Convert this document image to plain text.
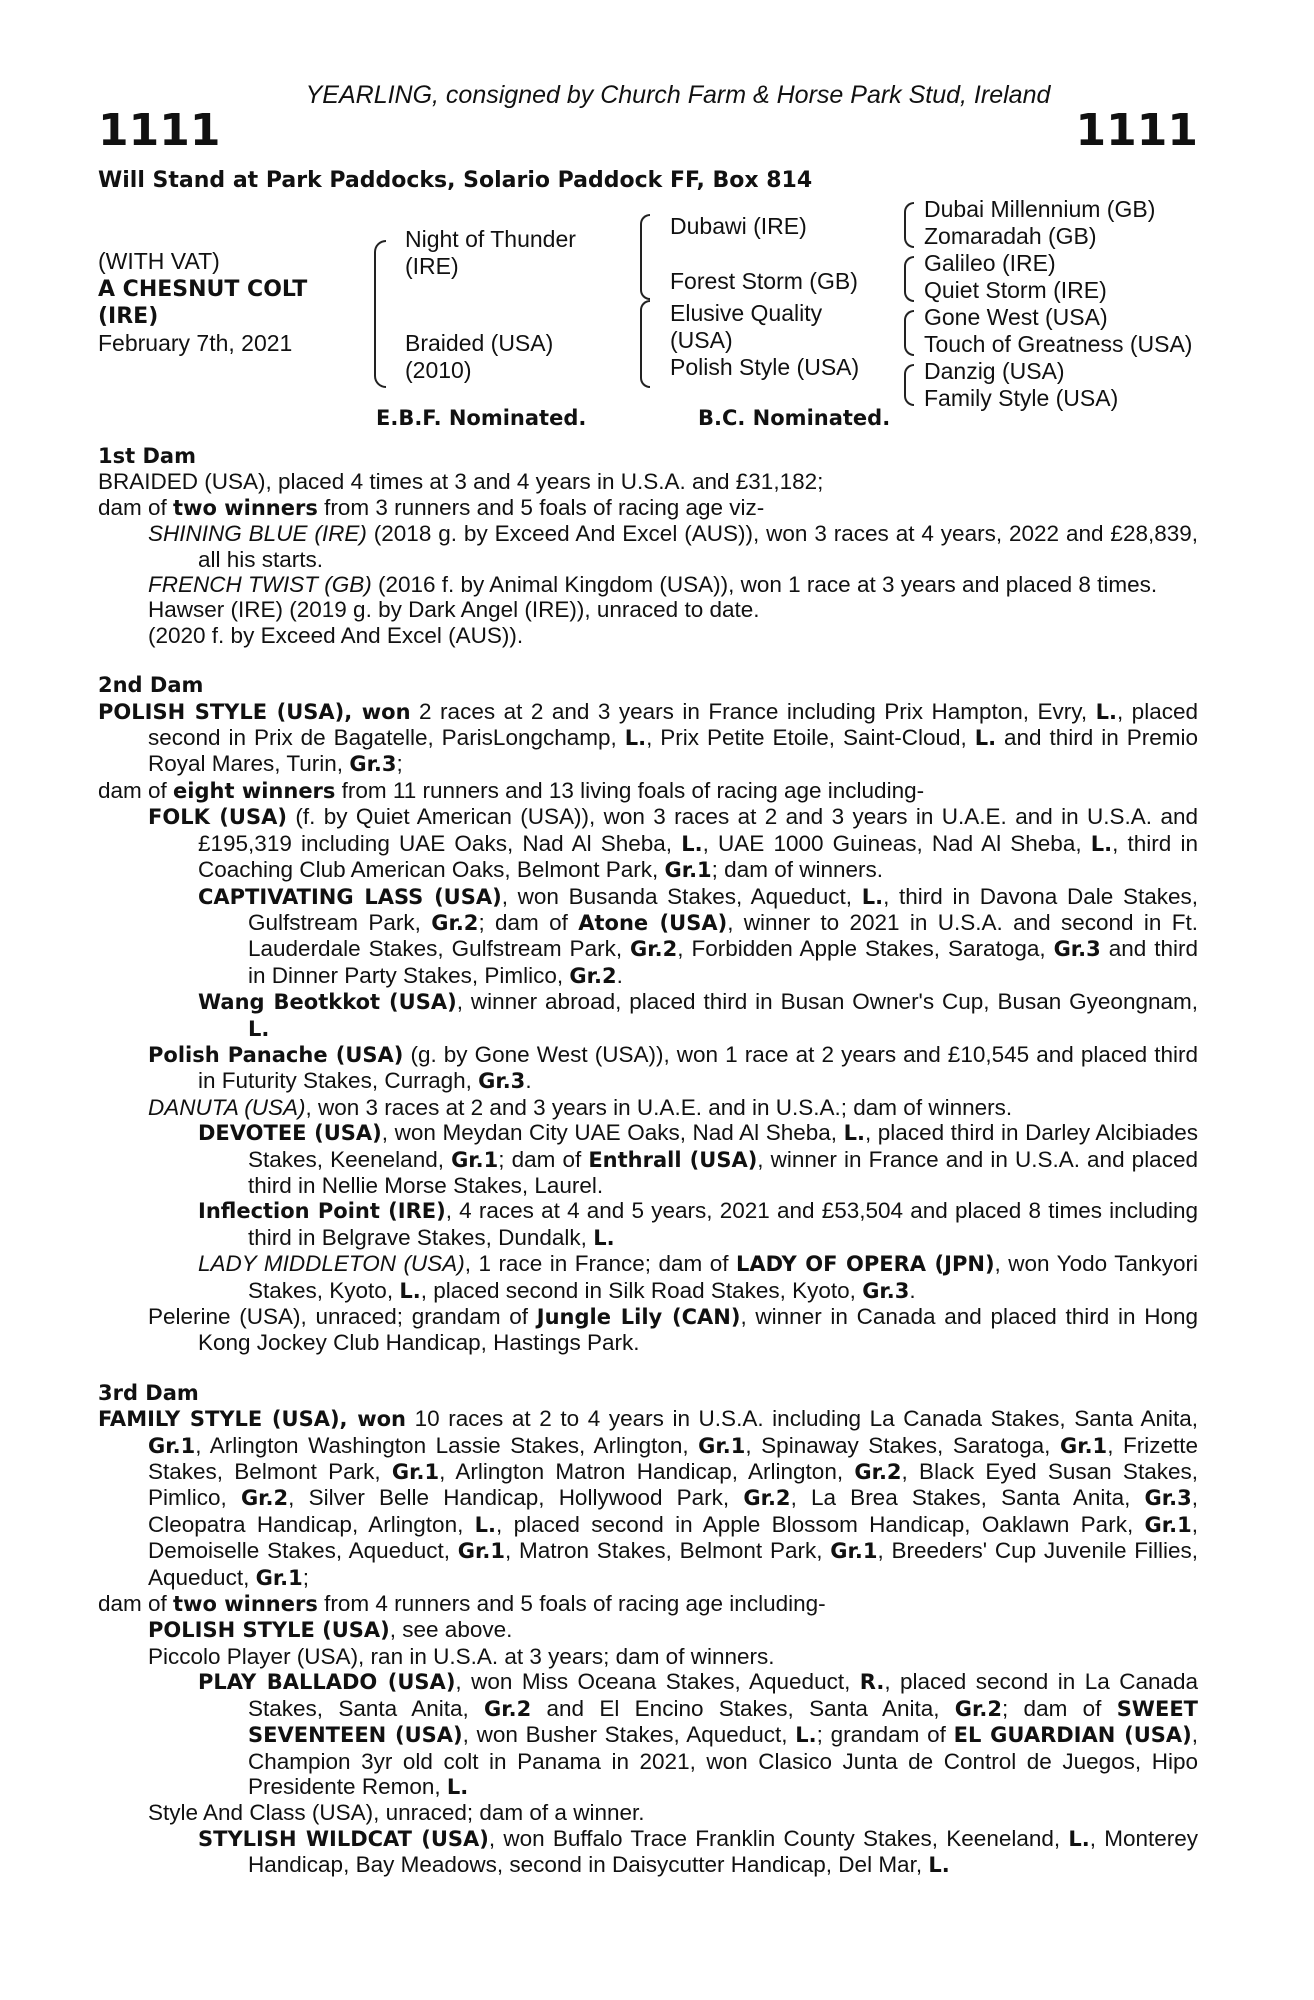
YEARLING, consigned by Church Farm & Horse Park Stud, Ireland
1111	1111
Will Stand at Park Paddocks, Solario Paddock FF, Box 814
(WITH VAT)
A CHESNUT COLT
(IRE)
February 7th, 2021
Night of Thunder
(IRE)
Braided (USA)
(2010)
Dubawi (IRE)
Forest Storm (GB)
Elusive Quality
(USA)
Polish Style (USA)
Dubai Millennium (GB)
Zomaradah (GB)
Galileo (IRE)
Quiet Storm (IRE)
Gone West (USA)
Touch of Greatness (USA)
Danzig (USA)
Family Style (USA)
E.B.F. Nominated.	B.C. Nominated.
1st Dam
BRAIDED (USA), placed 4 times at 3 and 4 years in U.S.A. and £31,182;
dam of two winners from 3 runners and 5 foals of racing age viz-
SHINING BLUE (IRE) (2018 g. by Exceed And Excel (AUS)), won 3 races at 4 years, 2022 and £28,839, all his starts.
FRENCH TWIST (GB) (2016 f. by Animal Kingdom (USA)), won 1 race at 3 years and placed 8 times.
Hawser (IRE) (2019 g. by Dark Angel (IRE)), unraced to date.
(2020 f. by Exceed And Excel (AUS)).
2nd Dam
POLISH STYLE (USA), won 2 races at 2 and 3 years in France including Prix Hampton, Evry, L., placed second in Prix de Bagatelle, ParisLongchamp, L., Prix Petite Etoile, Saint-Cloud, L. and third in Premio Royal Mares, Turin, Gr.3;
dam of eight winners from 11 runners and 13 living foals of racing age including-
FOLK (USA) (f. by Quiet American (USA)), won 3 races at 2 and 3 years in U.A.E. and in U.S.A. and £195,319 including UAE Oaks, Nad Al Sheba, L., UAE 1000 Guineas, Nad Al Sheba, L., third in Coaching Club American Oaks, Belmont Park, Gr.1; dam of winners.
CAPTIVATING LASS (USA), won Busanda Stakes, Aqueduct, L., third in Davona Dale Stakes, Gulfstream Park, Gr.2; dam of Atone (USA), winner to 2021 in U.S.A. and second in Ft. Lauderdale Stakes, Gulfstream Park, Gr.2, Forbidden Apple Stakes, Saratoga, Gr.3 and third in Dinner Party Stakes, Pimlico, Gr.2.
Wang Beotkkot (USA), winner abroad, placed third in Busan Owner's Cup, Busan Gyeongnam, L.
Polish Panache (USA) (g. by Gone West (USA)), won 1 race at 2 years and £10,545 and placed third in Futurity Stakes, Curragh, Gr.3.
DANUTA (USA), won 3 races at 2 and 3 years in U.A.E. and in U.S.A.; dam of winners.
DEVOTEE (USA), won Meydan City UAE Oaks, Nad Al Sheba, L., placed third in Darley Alcibiades Stakes, Keeneland, Gr.1; dam of Enthrall (USA), winner in France and in U.S.A. and placed third in Nellie Morse Stakes, Laurel.
Inflection Point (IRE), 4 races at 4 and 5 years, 2021 and £53,504 and placed 8 times including third in Belgrave Stakes, Dundalk, L.
LADY MIDDLETON (USA), 1 race in France; dam of LADY OF OPERA (JPN), won Yodo Tankyori Stakes, Kyoto, L., placed second in Silk Road Stakes, Kyoto, Gr.3.
Pelerine (USA), unraced; grandam of Jungle Lily (CAN), winner in Canada and placed third in Hong Kong Jockey Club Handicap, Hastings Park.
3rd Dam
FAMILY STYLE (USA), won 10 races at 2 to 4 years in U.S.A. including La Canada Stakes, Santa Anita, Gr.1, Arlington Washington Lassie Stakes, Arlington, Gr.1, Spinaway Stakes, Saratoga, Gr.1, Frizette Stakes, Belmont Park, Gr.1, Arlington Matron Handicap, Arlington, Gr.2, Black Eyed Susan Stakes, Pimlico, Gr.2, Silver Belle Handicap, Hollywood Park, Gr.2, La Brea Stakes, Santa Anita, Gr.3, Cleopatra Handicap, Arlington, L., placed second in Apple Blossom Handicap, Oaklawn Park, Gr.1, Demoiselle Stakes, Aqueduct, Gr.1, Matron Stakes, Belmont Park, Gr.1, Breeders' Cup Juvenile Fillies, Aqueduct, Gr.1;
dam of two winners from 4 runners and 5 foals of racing age including-
POLISH STYLE (USA), see above.
Piccolo Player (USA), ran in U.S.A. at 3 years; dam of winners.
PLAY BALLADO (USA), won Miss Oceana Stakes, Aqueduct, R., placed second in La Canada Stakes, Santa Anita, Gr.2 and El Encino Stakes, Santa Anita, Gr.2; dam of SWEET SEVENTEEN (USA), won Busher Stakes, Aqueduct, L.; grandam of EL GUARDIAN (USA), Champion 3yr old colt in Panama in 2021, won Clasico Junta de Control de Juegos, Hipo Presidente Remon, L.
Style And Class (USA), unraced; dam of a winner.
STYLISH WILDCAT (USA), won Buffalo Trace Franklin County Stakes, Keeneland, L., Monterey Handicap, Bay Meadows, second in Daisycutter Handicap, Del Mar, L.
